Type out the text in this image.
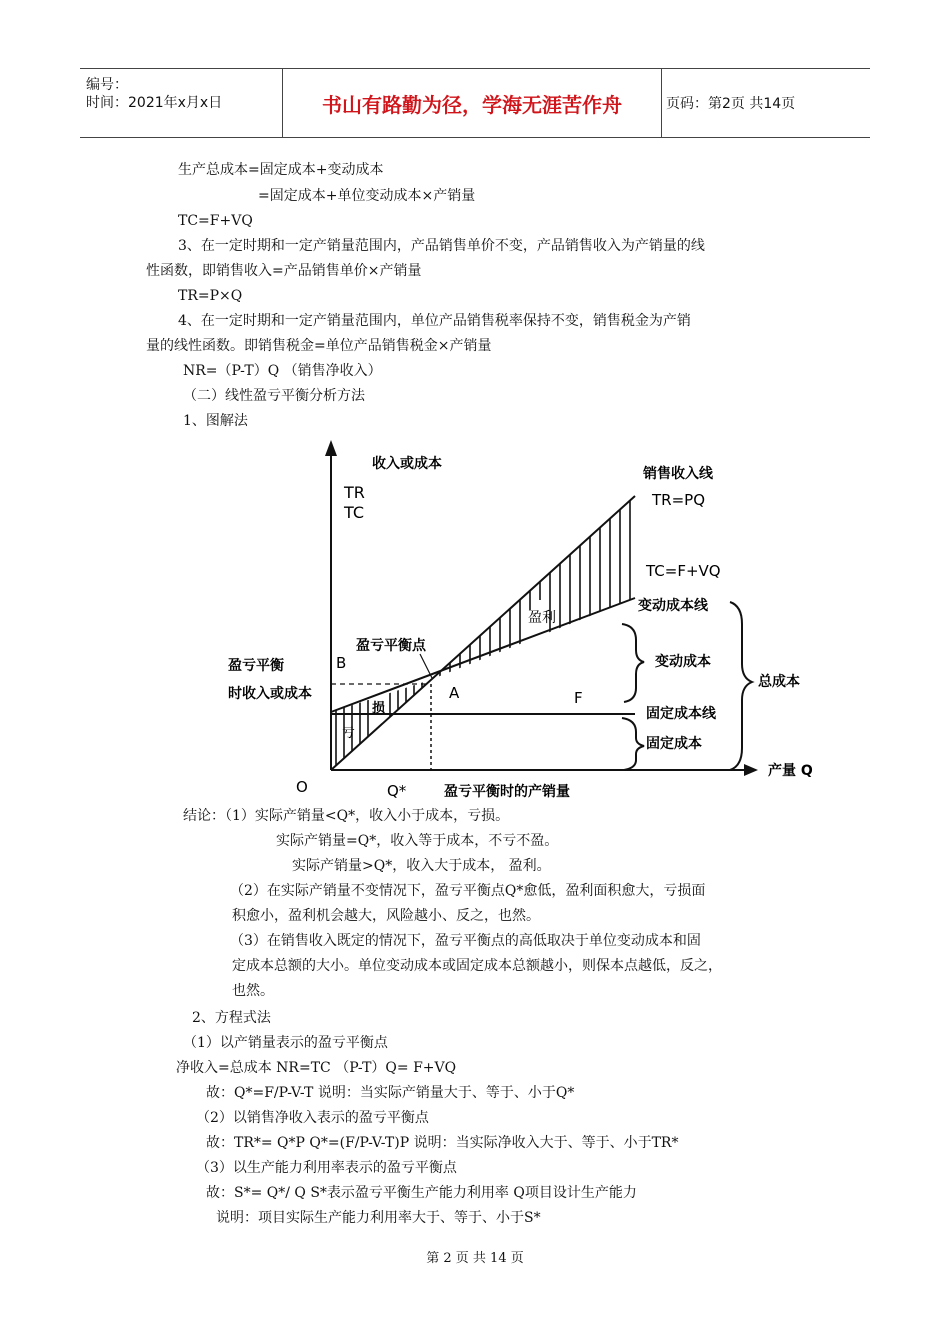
编号：
时间：2021年x月x日	书山有路勤为径，学海无涯苦作舟	页码：第2页 共14页
生产总成本=固定成本+变动成本
=固定成本+单位变动成本×产销量
TC=F+VQ
3、在一定时期和一定产销量范围内，产品销售单价不变，产品销售收入为产销量的线
性函数，即销售收入=产品销售单价×产销量
TR=P×Q
4、在一定时期和一定产销量范围内，单位产品销售税率保持不变，销售税金为产销
量的线性函数。即销售税金=单位产品销售税金×产销量
NR=（P-T）Q （销售净收入）
（二）线性盈亏平衡分析方法
1、图解法
收入或成本
TR
TC
销售收入线
TR=PQ
TC=F+VQ
变动成本线
盈利
盈亏平衡点
变动成本
总成本
盈亏平衡
时收入或成本
B
A	F
亏
损	固定成本线
固定成本
O	Q*	盈亏平衡时的产销量
产量 Q
结论：（1）实际产销量<Q*，收入小于成本，亏损。
实际产销量=Q*，收入等于成本，不亏不盈。
实际产销量>Q*，收入大于成本， 盈利。
（2）在实际产销量不变情况下，盈亏平衡点Q*愈低，盈利面积愈大，亏损面
积愈小，盈利机会越大，风险越小、反之，也然。
（3）在销售收入既定的情况下，盈亏平衡点的高低取决于单位变动成本和固
定成本总额的大小。单位变动成本或固定成本总额越小，则保本点越低，反之，
也然。
2、方程式法
（1）以产销量表示的盈亏平衡点
净收入=总成本 NR=TC （P-T）Q= F+VQ
故：Q*=F/P-V-T 说明：当实际产销量大于、等于、小于Q*
（2）以销售净收入表示的盈亏平衡点
故：TR*= Q*P Q*=(F/P-V-T)P 说明：当实际净收入大于、等于、小于TR*
（3）以生产能力利用率表示的盈亏平衡点
故：S*= Q*/ Q S*表示盈亏平衡生产能力利用率 Q项目设计生产能力
说明：项目实际生产能力利用率大于、等于、小于S*
第 2 页 共 14 页
